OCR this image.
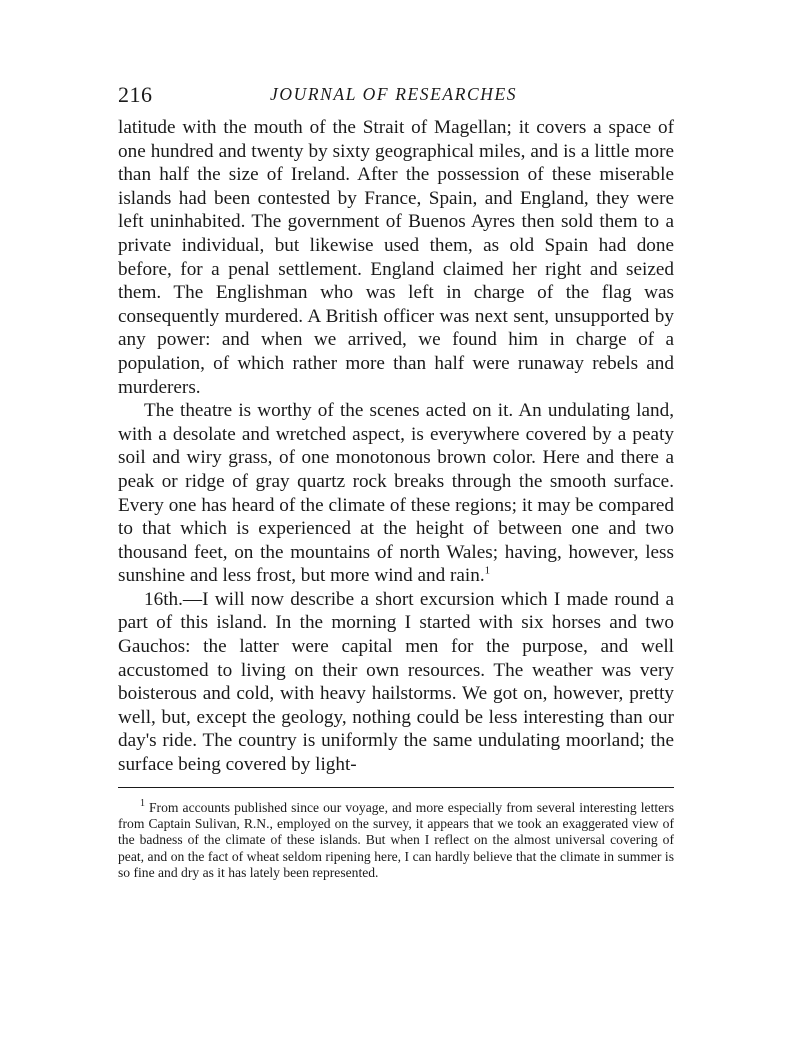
216	JOURNAL OF RESEARCHES

latitude with the mouth of the Strait of Magellan; it covers a space of one hundred and twenty by sixty geographical miles, and is a little more than half the size of Ireland. After the possession of these miserable islands had been contested by France, Spain, and England, they were left uninhabited. The government of Buenos Ayres then sold them to a private individual, but likewise used them, as old Spain had done before, for a penal settlement. England claimed her right and seized them. The Englishman who was left in charge of the flag was consequently murdered. A British officer was next sent, unsupported by any power: and when we arrived, we found him in charge of a population, of which rather more than half were runaway rebels and murderers.

The theatre is worthy of the scenes acted on it. An undulating land, with a desolate and wretched aspect, is everywhere covered by a peaty soil and wiry grass, of one monotonous brown color. Here and there a peak or ridge of gray quartz rock breaks through the smooth surface. Every one has heard of the climate of these regions; it may be compared to that which is experienced at the height of between one and two thousand feet, on the mountains of north Wales; having, however, less sunshine and less frost, but more wind and rain.$^1$

16th.—I will now describe a short excursion which I made round a part of this island. In the morning I started with six horses and two Gauchos: the latter were capital men for the purpose, and well accustomed to living on their own resources. The weather was very boisterous and cold, with heavy hailstorms. We got on, however, pretty well, but, except the geology, nothing could be less interesting than our day's ride. The country is uniformly the same undulating moorland; the surface being covered by light-

$^1$ From accounts published since our voyage, and more especially from several interesting letters from Captain Sulivan, R.N., employed on the survey, it appears that we took an exaggerated view of the badness of the climate of these islands. But when I reflect on the almost universal covering of peat, and on the fact of wheat seldom ripening here, I can hardly believe that the climate in summer is so fine and dry as it has lately been represented.
